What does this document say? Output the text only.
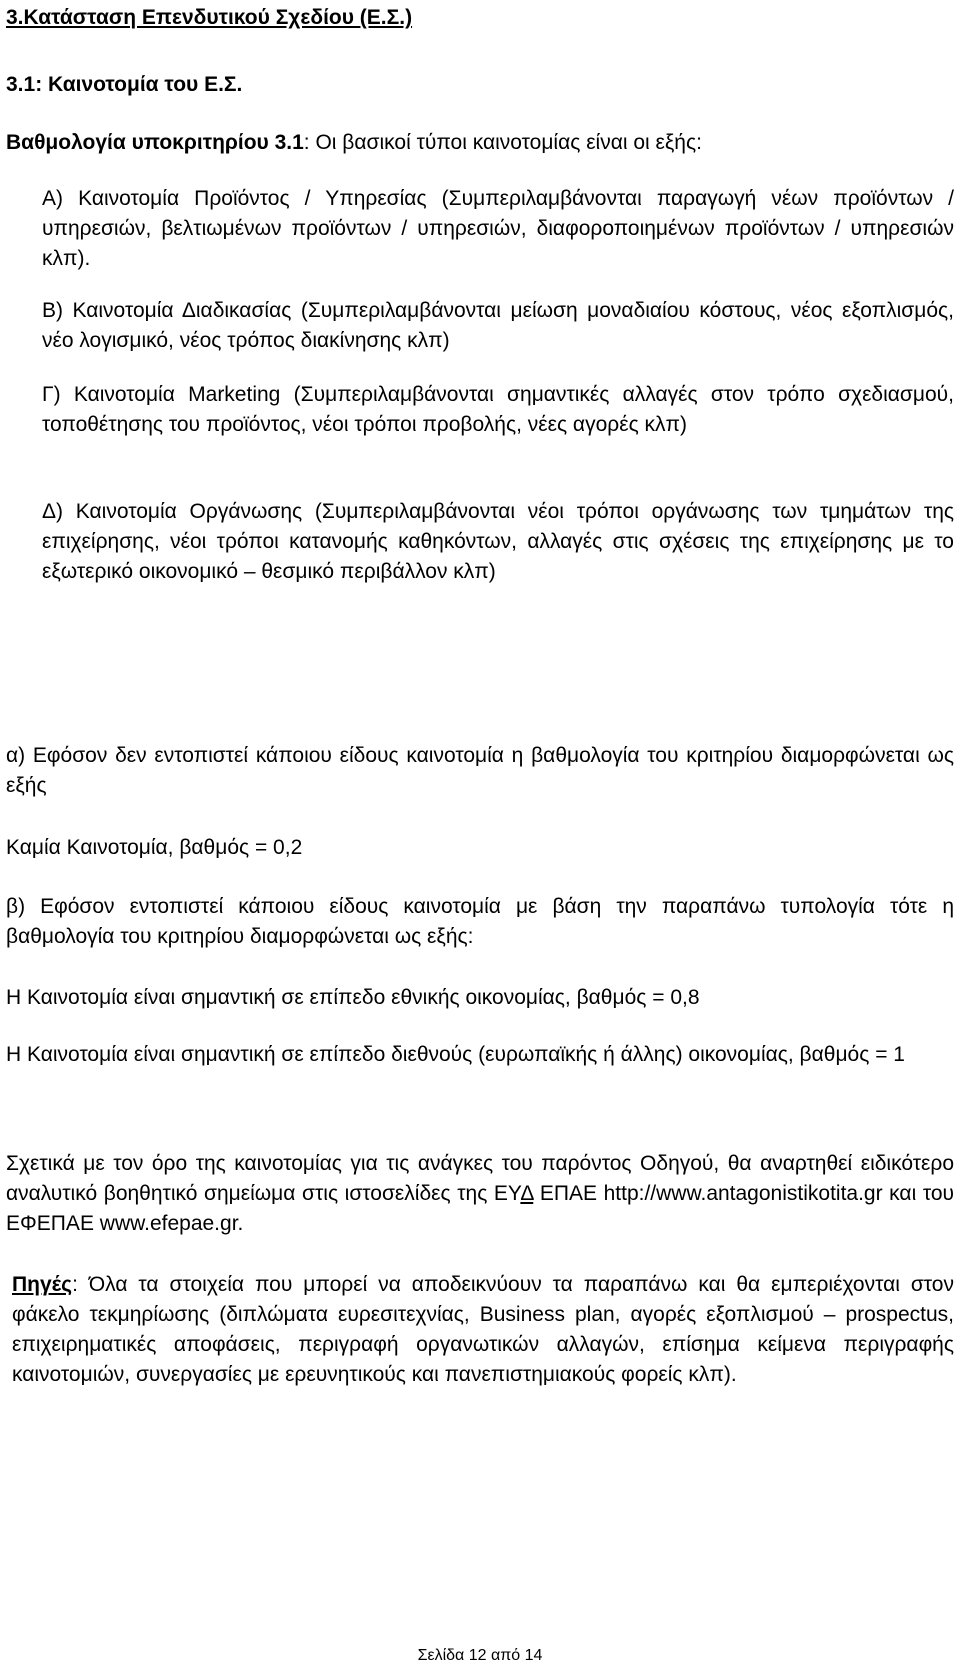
3.Κατάσταση Επενδυτικού Σχεδίου (Ε.Σ.)

3.1: Καινοτομία του Ε.Σ.

Βαθμολογία υποκριτηρίου 3.1: Οι βασικοί τύποι καινοτομίας είναι οι εξής:

Α) Καινοτομία Προϊόντος / Υπηρεσίας (Συμπεριλαμβάνονται παραγωγή νέων προϊόντων / υπηρεσιών, βελτιωμένων προϊόντων / υπηρεσιών, διαφοροποιημένων προϊόντων / υπηρεσιών κλπ).

Β) Καινοτομία Διαδικασίας (Συμπεριλαμβάνονται μείωση μοναδιαίου κόστους, νέος εξοπλισμός, νέο λογισμικό, νέος τρόπος διακίνησης κλπ)

Γ) Καινοτομία Marketing (Συμπεριλαμβάνονται σημαντικές αλλαγές στον τρόπο σχεδιασμού, τοποθέτησης του προϊόντος, νέοι τρόποι προβολής, νέες αγορές κλπ)

Δ) Καινοτομία Οργάνωσης (Συμπεριλαμβάνονται νέοι τρόποι οργάνωσης των τμημάτων της επιχείρησης, νέοι τρόποι κατανομής καθηκόντων, αλλαγές στις σχέσεις της επιχείρησης με το εξωτερικό οικονομικό – θεσμικό περιβάλλον κλπ)

α) Εφόσον δεν εντοπιστεί κάποιου είδους καινοτομία η βαθμολογία του κριτηρίου διαμορφώνεται ως εξής

Καμία Καινοτομία, βαθμός = 0,2

β) Εφόσον εντοπιστεί κάποιου είδους καινοτομία με βάση την παραπάνω τυπολογία τότε η βαθμολογία του κριτηρίου διαμορφώνεται ως εξής:

Η Καινοτομία είναι σημαντική σε επίπεδο εθνικής οικονομίας, βαθμός = 0,8

Η Καινοτομία είναι σημαντική σε επίπεδο διεθνούς (ευρωπαϊκής ή άλλης) οικονομίας, βαθμός = 1

Σχετικά με τον όρο της καινοτομίας για τις ανάγκες του παρόντος Οδηγού, θα αναρτηθεί ειδικότερο αναλυτικό βοηθητικό σημείωμα στις ιστοσελίδες της ΕΥΔ ΕΠΑΕ http://www.antagonistikotita.gr και του ΕΦΕΠΑΕ www.efepae.gr.

Πηγές: Όλα τα στοιχεία που μπορεί να αποδεικνύουν τα παραπάνω και θα εμπεριέχονται στον φάκελο τεκμηρίωσης (διπλώματα ευρεσιτεχνίας, Business plan, αγορές εξοπλισμού – prospectus, επιχειρηματικές αποφάσεις, περιγραφή οργανωτικών αλλαγών, επίσημα κείμενα περιγραφής καινοτομιών, συνεργασίες με ερευνητικούς και πανεπιστημιακούς φορείς κλπ).

Σελίδα 12 από 14
